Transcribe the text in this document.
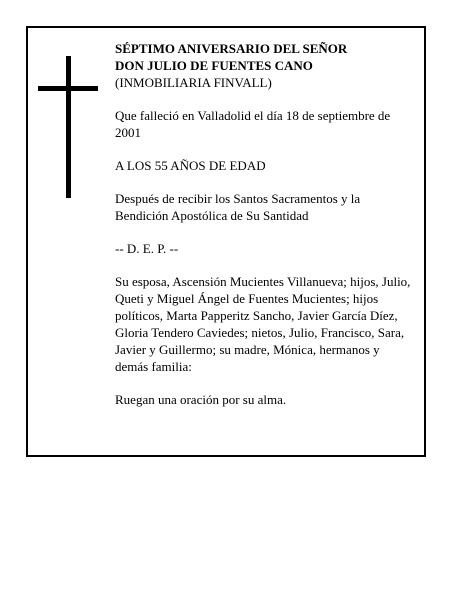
SÉPTIMO ANIVERSARIO DEL SEÑOR
DON JULIO DE FUENTES CANO
(INMOBILIARIA FINVALL)

Que falleció en Valladolid el día 18 de septiembre de 2001

A LOS 55 AÑOS DE EDAD

Después de recibir los Santos Sacramentos y la Bendición Apostólica de Su Santidad

-- D. E. P. --

Su esposa, Ascensión Mucientes Villanueva; hijos, Julio, Queti y Miguel Ángel de Fuentes Mucientes; hijos políticos, Marta Papperitz Sancho, Javier García Díez, Gloria Tendero Caviedes; nietos, Julio, Francisco, Sara, Javier y Guillermo; su madre, Mónica, hermanos y demás familia:

Ruegan una oración por su alma.
